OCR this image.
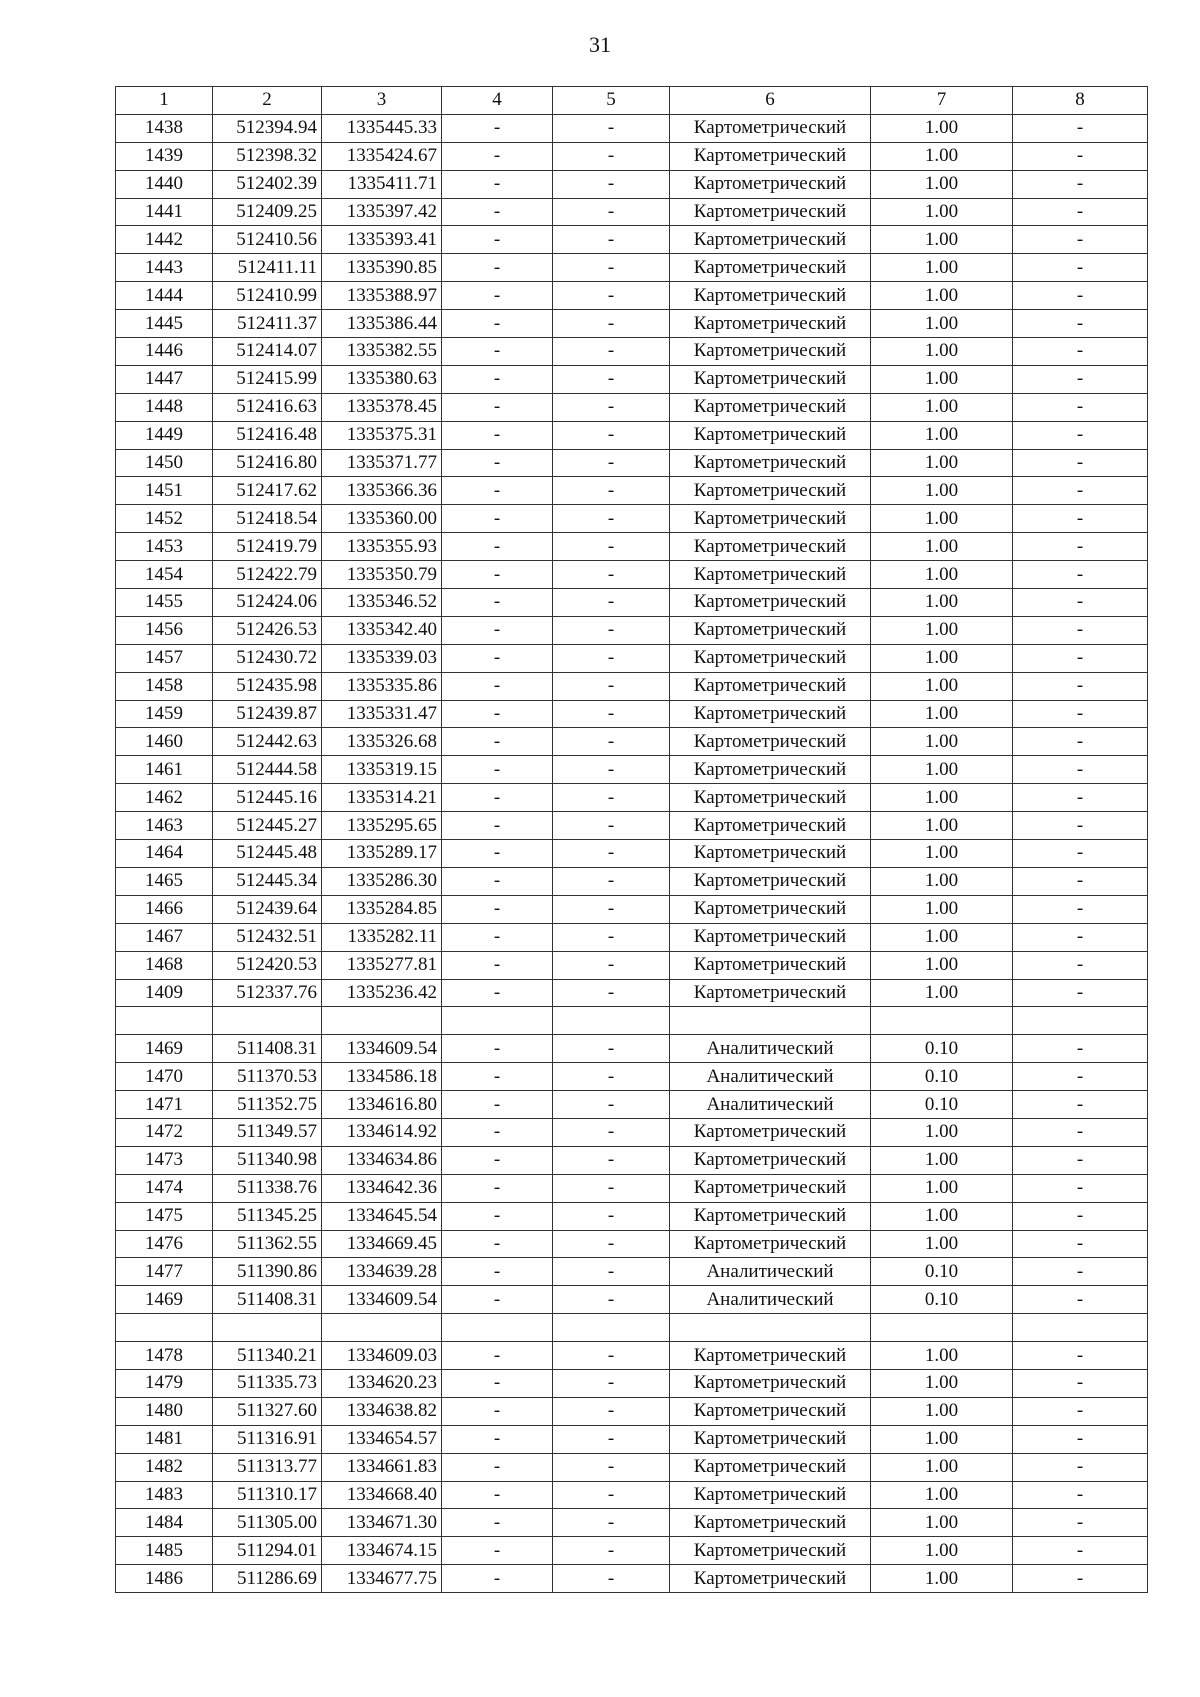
31
1	2	3	4	5	6	7	8
1438	512394.94	1335445.33	-	-	Картометрический	1.00	-
1439	512398.32	1335424.67	-	-	Картометрический	1.00	-
1440	512402.39	1335411.71	-	-	Картометрический	1.00	-
1441	512409.25	1335397.42	-	-	Картометрический	1.00	-
1442	512410.56	1335393.41	-	-	Картометрический	1.00	-
1443	512411.11	1335390.85	-	-	Картометрический	1.00	-
1444	512410.99	1335388.97	-	-	Картометрический	1.00	-
1445	512411.37	1335386.44	-	-	Картометрический	1.00	-
1446	512414.07	1335382.55	-	-	Картометрический	1.00	-
1447	512415.99	1335380.63	-	-	Картометрический	1.00	-
1448	512416.63	1335378.45	-	-	Картометрический	1.00	-
1449	512416.48	1335375.31	-	-	Картометрический	1.00	-
1450	512416.80	1335371.77	-	-	Картометрический	1.00	-
1451	512417.62	1335366.36	-	-	Картометрический	1.00	-
1452	512418.54	1335360.00	-	-	Картометрический	1.00	-
1453	512419.79	1335355.93	-	-	Картометрический	1.00	-
1454	512422.79	1335350.79	-	-	Картометрический	1.00	-
1455	512424.06	1335346.52	-	-	Картометрический	1.00	-
1456	512426.53	1335342.40	-	-	Картометрический	1.00	-
1457	512430.72	1335339.03	-	-	Картометрический	1.00	-
1458	512435.98	1335335.86	-	-	Картометрический	1.00	-
1459	512439.87	1335331.47	-	-	Картометрический	1.00	-
1460	512442.63	1335326.68	-	-	Картометрический	1.00	-
1461	512444.58	1335319.15	-	-	Картометрический	1.00	-
1462	512445.16	1335314.21	-	-	Картометрический	1.00	-
1463	512445.27	1335295.65	-	-	Картометрический	1.00	-
1464	512445.48	1335289.17	-	-	Картометрический	1.00	-
1465	512445.34	1335286.30	-	-	Картометрический	1.00	-
1466	512439.64	1335284.85	-	-	Картометрический	1.00	-
1467	512432.51	1335282.11	-	-	Картометрический	1.00	-
1468	512420.53	1335277.81	-	-	Картометрический	1.00	-
1409	512337.76	1335236.42	-	-	Картометрический	1.00	-

1469	511408.31	1334609.54	-	-	Аналитический	0.10	-
1470	511370.53	1334586.18	-	-	Аналитический	0.10	-
1471	511352.75	1334616.80	-	-	Аналитический	0.10	-
1472	511349.57	1334614.92	-	-	Картометрический	1.00	-
1473	511340.98	1334634.86	-	-	Картометрический	1.00	-
1474	511338.76	1334642.36	-	-	Картометрический	1.00	-
1475	511345.25	1334645.54	-	-	Картометрический	1.00	-
1476	511362.55	1334669.45	-	-	Картометрический	1.00	-
1477	511390.86	1334639.28	-	-	Аналитический	0.10	-
1469	511408.31	1334609.54	-	-	Аналитический	0.10	-

1478	511340.21	1334609.03	-	-	Картометрический	1.00	-
1479	511335.73	1334620.23	-	-	Картометрический	1.00	-
1480	511327.60	1334638.82	-	-	Картометрический	1.00	-
1481	511316.91	1334654.57	-	-	Картометрический	1.00	-
1482	511313.77	1334661.83	-	-	Картометрический	1.00	-
1483	511310.17	1334668.40	-	-	Картометрический	1.00	-
1484	511305.00	1334671.30	-	-	Картометрический	1.00	-
1485	511294.01	1334674.15	-	-	Картометрический	1.00	-
1486	511286.69	1334677.75	-	-	Картометрический	1.00	-
